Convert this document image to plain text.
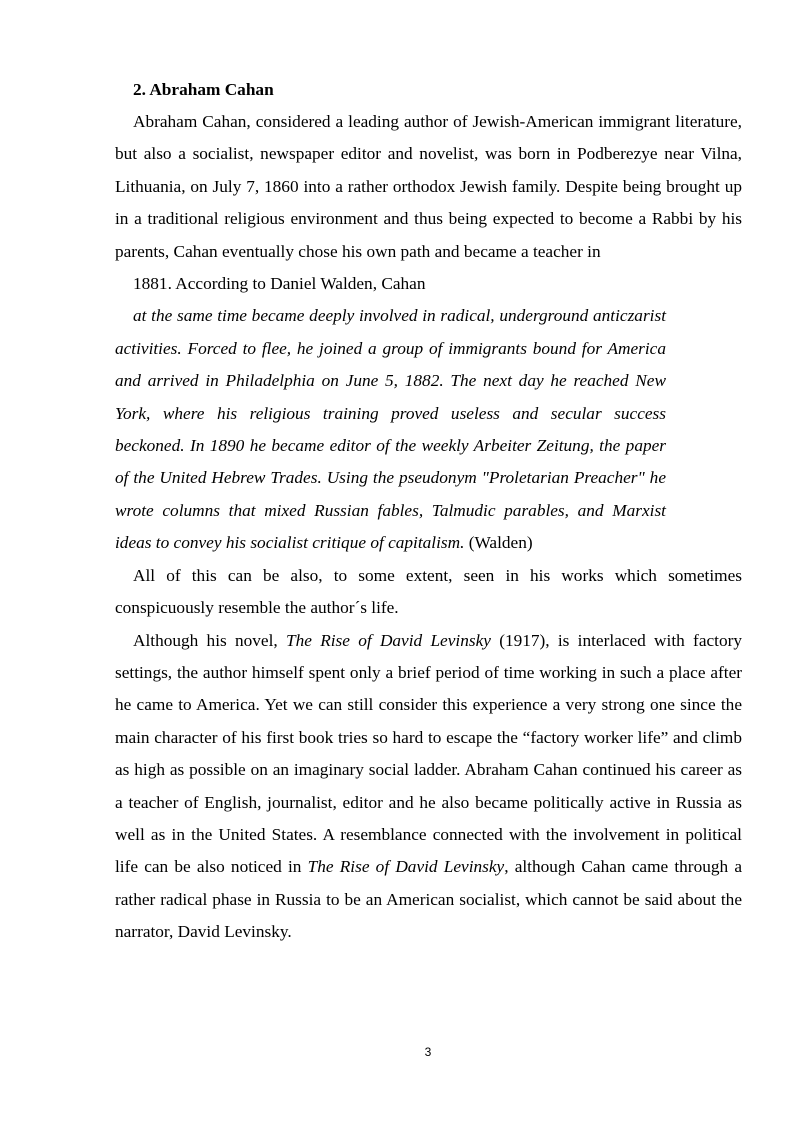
2. Abraham Cahan

Abraham Cahan, considered a leading author of Jewish-American immigrant literature, but also a socialist, newspaper editor and novelist, was born in Podberezye near Vilna, Lithuania, on July 7, 1860 into a rather orthodox Jewish family. Despite being brought up in a traditional religious environment and thus being expected to become a Rabbi by his parents, Cahan eventually chose his own path and became a teacher in

1881. According to Daniel Walden, Cahan

at the same time became deeply involved in radical, underground anticzarist activities. Forced to flee, he joined a group of immigrants bound for America and arrived in Philadelphia on June 5, 1882. The next day he reached New York, where his religious training proved useless and secular success beckoned. In 1890 he became editor of the weekly Arbeiter Zeitung, the paper of the United Hebrew Trades. Using the pseudonym "Proletarian Preacher" he wrote columns that mixed Russian fables, Talmudic parables, and Marxist ideas to convey his socialist critique of capitalism. (Walden)

All of this can be also, to some extent, seen in his works which sometimes conspicuously resemble the author´s life.

Although his novel, The Rise of David Levinsky (1917), is interlaced with factory settings, the author himself spent only a brief period of time working in such a place after he came to America. Yet we can still consider this experience a very strong one since the main character of his first book tries so hard to escape the “factory worker life” and climb as high as possible on an imaginary social ladder. Abraham Cahan continued his career as a teacher of English, journalist, editor and he also became politically active in Russia as well as in the United States. A resemblance connected with the involvement in political life can be also noticed in The Rise of David Levinsky, although Cahan came through a rather radical phase in Russia to be an American socialist, which cannot be said about the narrator, David Levinsky.

3
